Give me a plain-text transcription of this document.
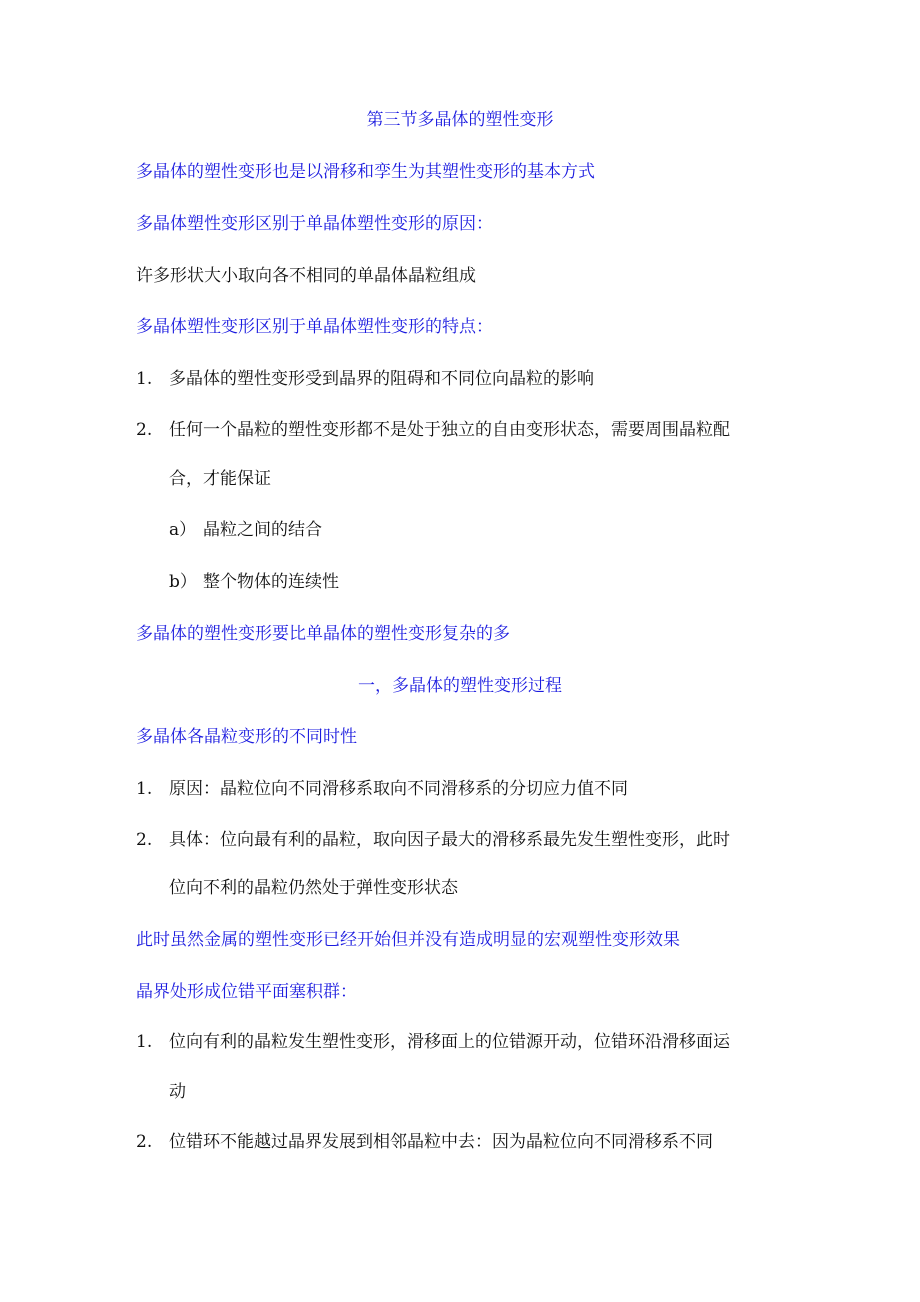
第三节多晶体的塑性变形
多晶体的塑性变形也是以滑移和孪生为其塑性变形的基本方式
多晶体塑性变形区别于单晶体塑性变形的原因：
许多形状大小取向各不相同的单晶体晶粒组成
多晶体塑性变形区别于单晶体塑性变形的特点：
1. 多晶体的塑性变形受到晶界的阻碍和不同位向晶粒的影响
2. 任何一个晶粒的塑性变形都不是处于独立的自由变形状态，需要周围晶粒配
合，才能保证
a） 晶粒之间的结合
b） 整个物体的连续性
多晶体的塑性变形要比单晶体的塑性变形复杂的多
一，多晶体的塑性变形过程
多晶体各晶粒变形的不同时性
1. 原因：晶粒位向不同滑移系取向不同滑移系的分切应力值不同
2. 具体：位向最有利的晶粒，取向因子最大的滑移系最先发生塑性变形，此时
位向不利的晶粒仍然处于弹性变形状态
此时虽然金属的塑性变形已经开始但并没有造成明显的宏观塑性变形效果
晶界处形成位错平面塞积群：
1. 位向有利的晶粒发生塑性变形，滑移面上的位错源开动，位错环沿滑移面运
动
2. 位错环不能越过晶界发展到相邻晶粒中去：因为晶粒位向不同滑移系不同
